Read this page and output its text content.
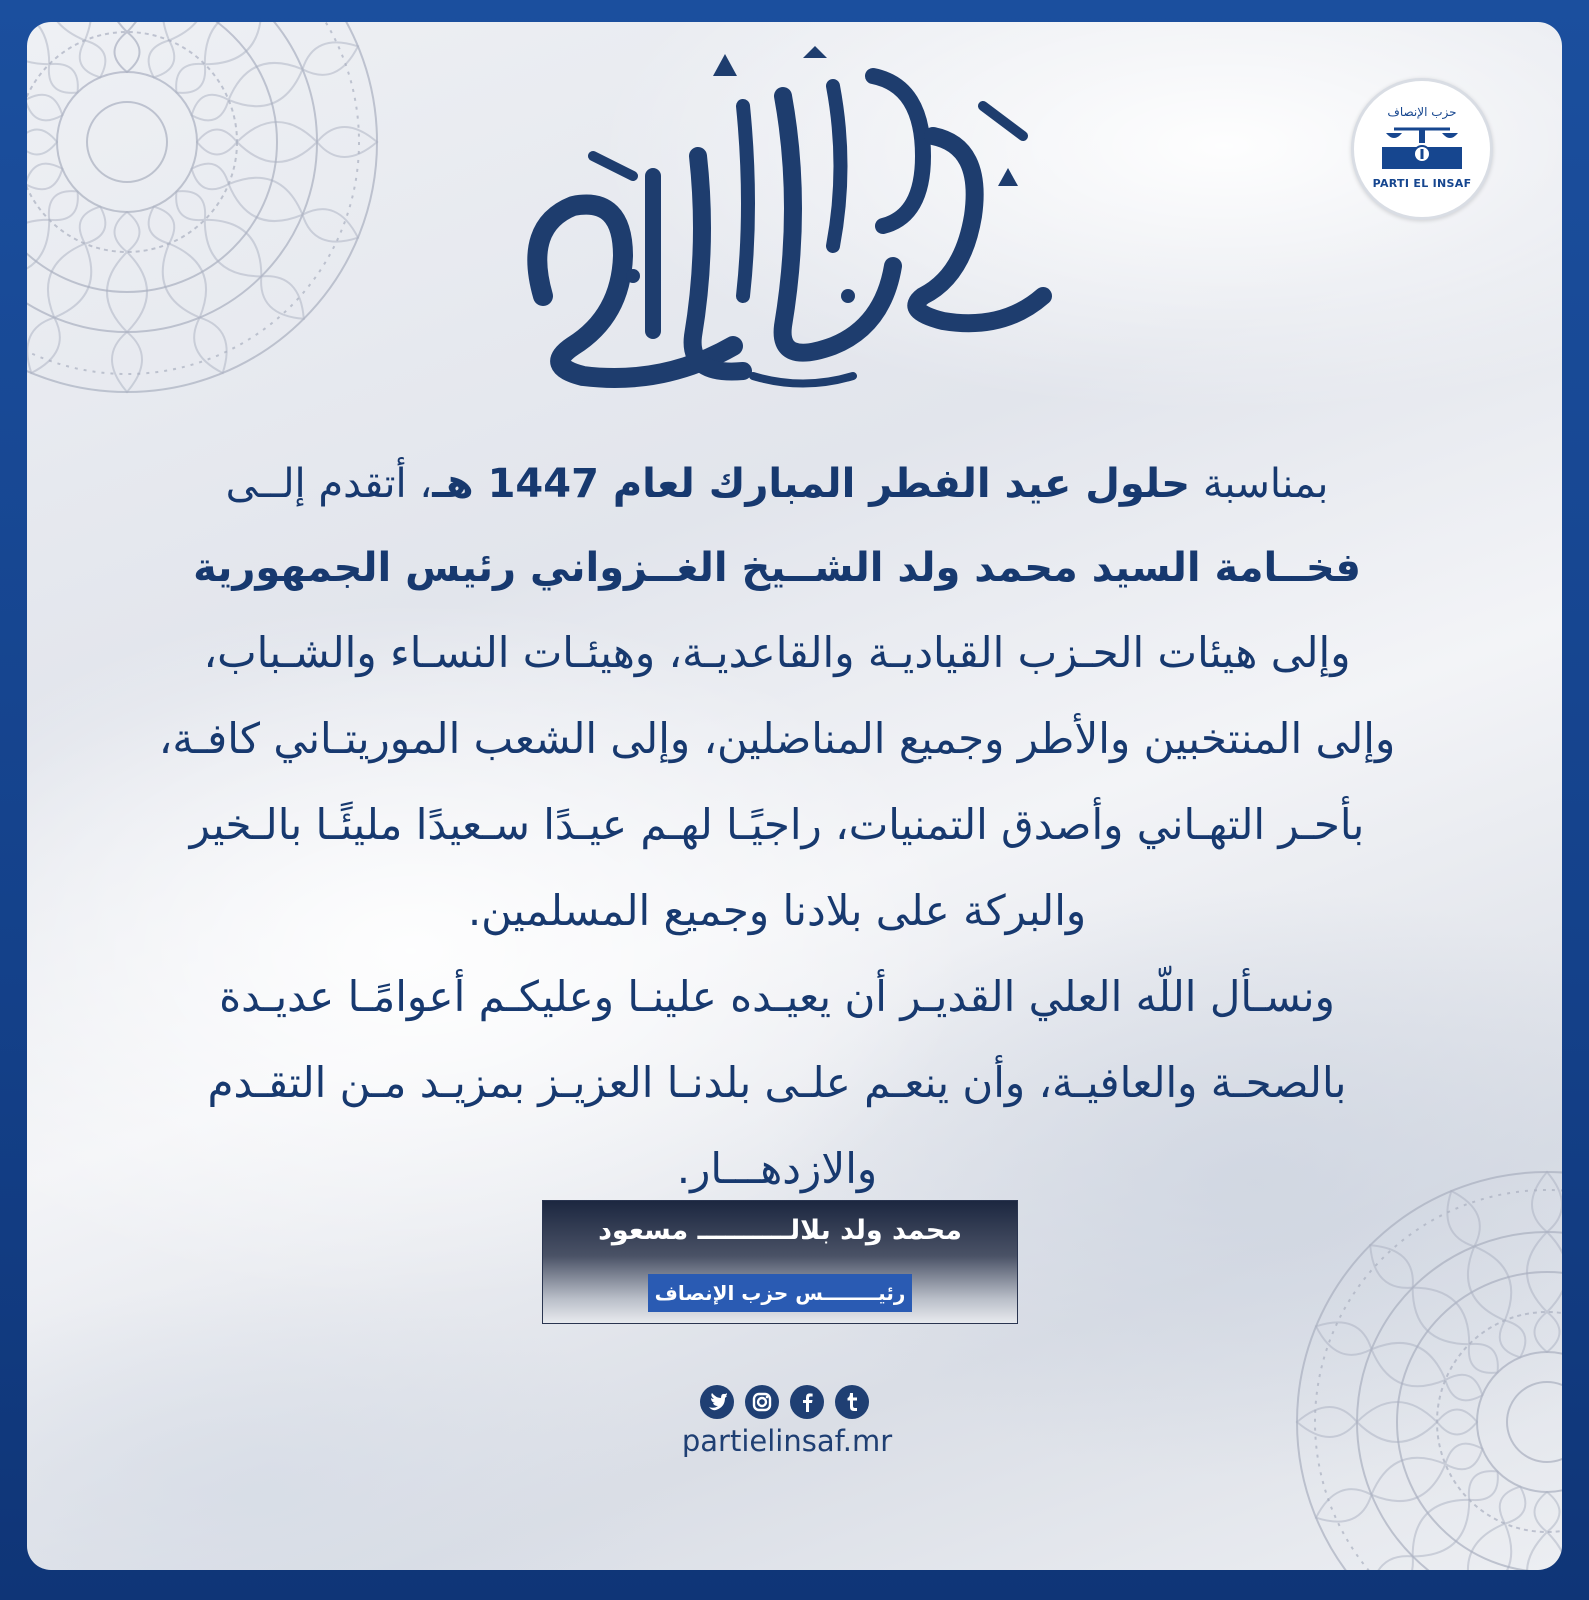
حزب الإنصاف
PARTI EL INSAF

بمناسبة حلول عيد الفطر المبارك لعام 1447 هـ، أتقدم إلــى

فخــامة السيد محمد ولد الشــيخ الغــزواني رئيس الجمهورية

وإلى هيئات الحـزب القياديـة والقاعديـة، وهيئـات النسـاء والشـباب،

وإلى المنتخبين والأطر وجميع المناضلين، وإلى الشعب الموريتـاني كافـة،

بأحـر التهـاني وأصدق التمنيات، راجيًـا لهـم عيـدًا سـعيدًا مليئًـا بالـخير

والبركة على بلادنا وجميع المسلمين.

ونسـأل اللّه العلي القديـر أن يعيـده علينـا وعليكـم أعوامًـا عديـدة

بالصحـة والعافيـة، وأن ينعـم علـى بلدنـا العزيـز بمزيـد مـن التقـدم

والازدهـــار.

محمد ولد بلالــــــــــ مسعود
رئيــــــــس حزب الإنصاف
partielinsaf.mr
